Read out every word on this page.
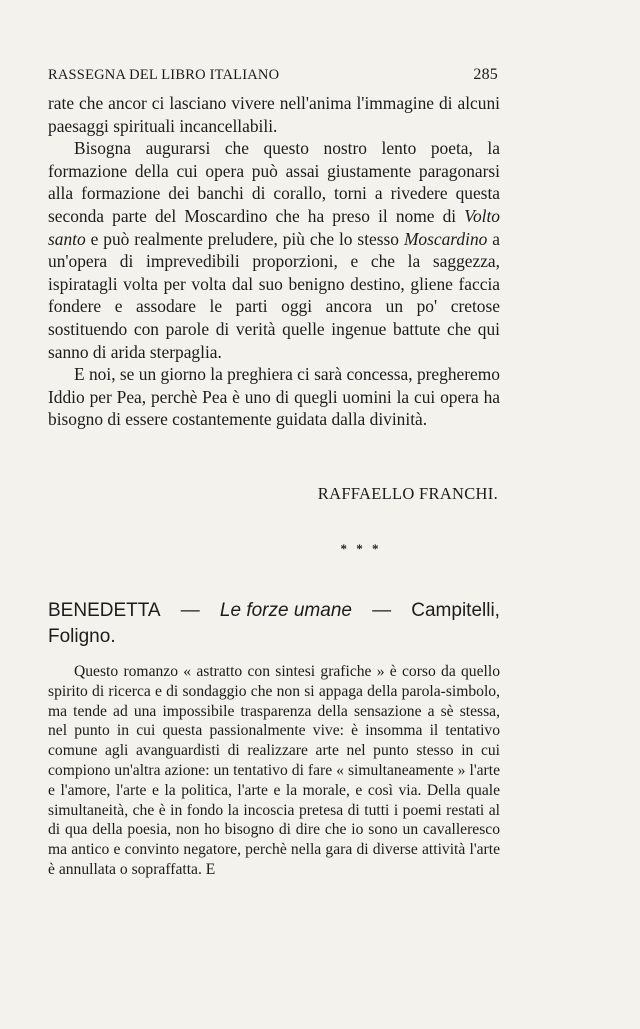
RASSEGNA DEL LIBRO ITALIANO	285

rate che ancor ci lasciano vivere nell'anima l'immagine di alcuni paesaggi spirituali incancellabili.

Bisogna augurarsi che questo nostro lento poeta, la formazione della cui opera può assai giustamente paragonarsi alla formazione dei banchi di corallo, torni a rivedere questa seconda parte del Moscardino che ha preso il nome di Volto santo e può realmente preludere, più che lo stesso Moscardino a un'opera di imprevedibili proporzioni, e che la saggezza, ispiratagli volta per volta dal suo benigno destino, gliene faccia fondere e assodare le parti oggi ancora un po' cretose sostituendo con parole di verità quelle ingenue battute che qui sanno di arida sterpaglia.

E noi, se un giorno la preghiera ci sarà concessa, pregheremo Iddio per Pea, perchè Pea è uno di quegli uomini la cui opera ha bisogno di essere costantemente guidata dalla divinità.

RAFFAELLO FRANCHI.
* * *
BENEDETTA — Le forze umane — Campitelli,
Foligno.

Questo romanzo « astratto con sintesi grafiche » è corso da quello spirito di ricerca e di sondaggio che non si appaga della parola-simbolo, ma tende ad una impossibile trasparenza della sensazione a sè stessa, nel punto in cui questa passionalmente vive: è insomma il tentativo comune agli avanguardisti di realizzare arte nel punto stesso in cui compiono un'altra azione: un tentativo di fare « simultaneamente » l'arte e l'amore, l'arte e la politica, l'arte e la morale, e così via. Della quale simultaneità, che è in fondo la incoscia pretesa di tutti i poemi restati al di qua della poesia, non ho bisogno di dire che io sono un cavalleresco ma antico e convinto negatore, perchè nella gara di diverse attività l'arte è annullata o sopraffatta. E
